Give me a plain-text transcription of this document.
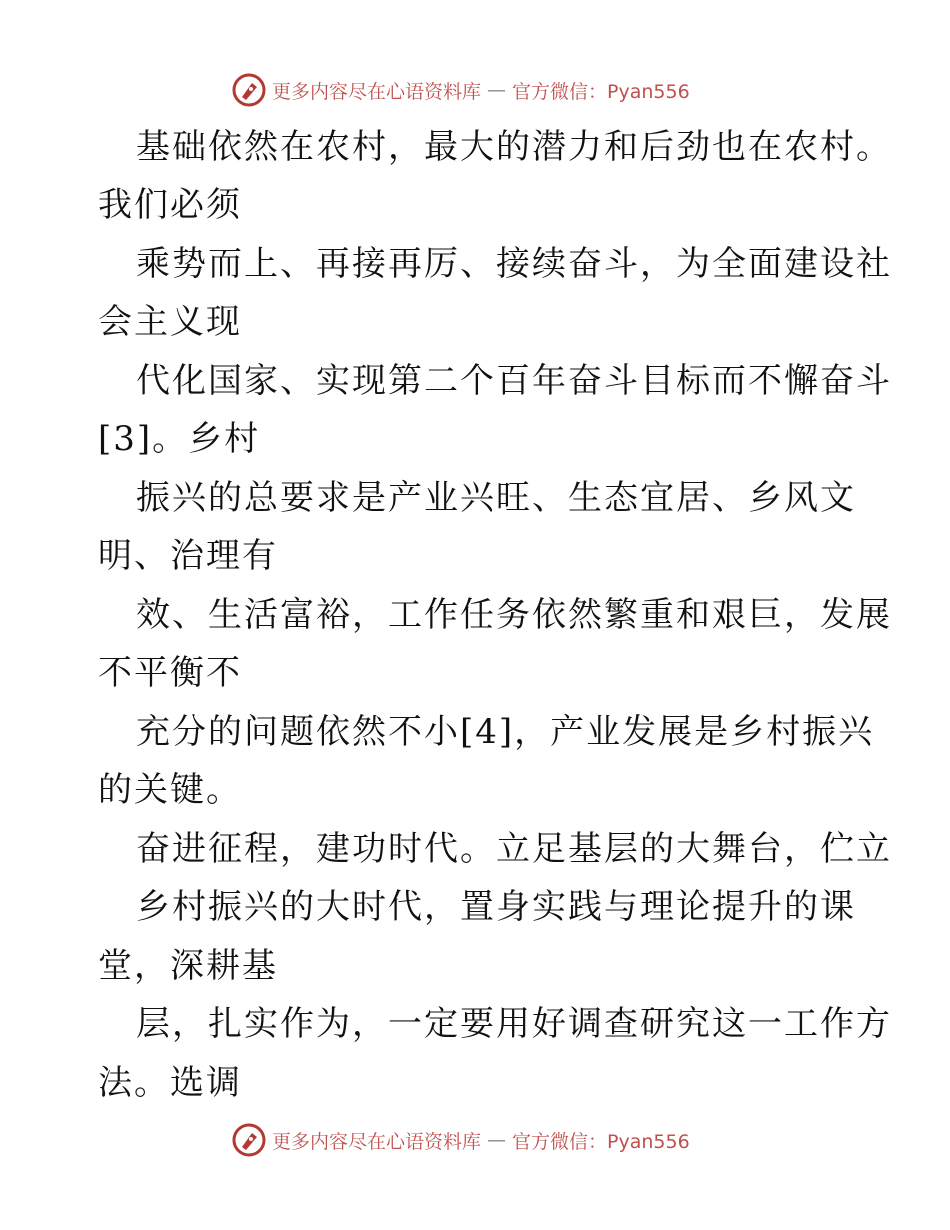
更多内容尽在心语资料库 — 官方微信：Pyan556
基础依然在农村，最大的潜力和后劲也在农村。
我们必须
乘势而上、再接再厉、接续奋斗，为全面建设社
会主义现
代化国家、实现第二个百年奋斗目标而不懈奋斗
[3]。乡村
振兴的总要求是产业兴旺、生态宜居、乡风文
明、治理有
效、生活富裕，工作任务依然繁重和艰巨，发展
不平衡不
充分的问题依然不小[4]，产业发展是乡村振兴
的关键。
奋进征程，建功时代。立足基层的大舞台，伫立
乡村振兴的大时代，置身实践与理论提升的课
堂，深耕基
层，扎实作为，一定要用好调查研究这一工作方
法。选调
更多内容尽在心语资料库 — 官方微信：Pyan556
